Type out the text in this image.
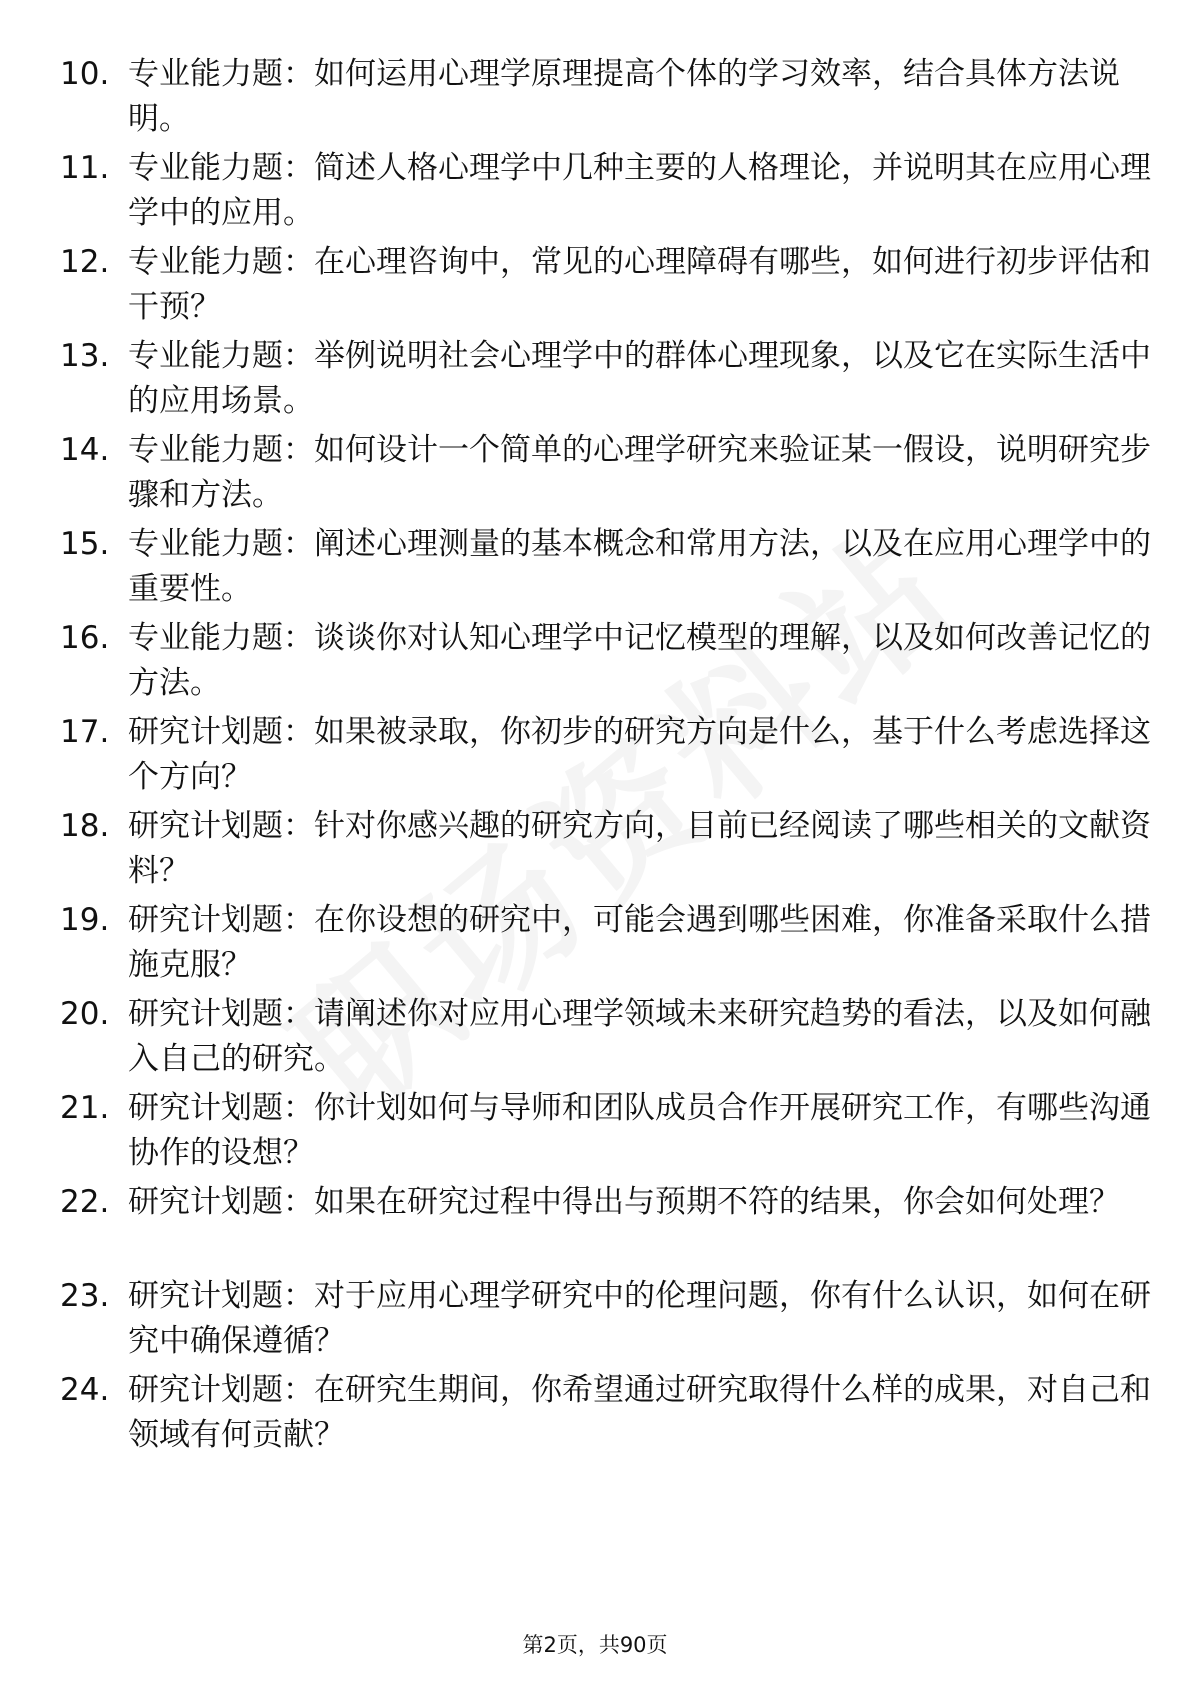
10. 专业能力题：如何运用心理学原理提高个体的学习效率，结合具体方法说明。
11. 专业能力题：简述人格心理学中几种主要的人格理论，并说明其在应用心理学中的应用。
12. 专业能力题：在心理咨询中，常见的心理障碍有哪些，如何进行初步评估和干预？
13. 专业能力题：举例说明社会心理学中的群体心理现象，以及它在实际生活中的应用场景。
14. 专业能力题：如何设计一个简单的心理学研究来验证某一假设，说明研究步骤和方法。
15. 专业能力题：阐述心理测量的基本概念和常用方法，以及在应用心理学中的重要性。
16. 专业能力题：谈谈你对认知心理学中记忆模型的理解，以及如何改善记忆的方法。
17. 研究计划题：如果被录取，你初步的研究方向是什么，基于什么考虑选择这个方向？
18. 研究计划题：针对你感兴趣的研究方向，目前已经阅读了哪些相关的文献资料？
19. 研究计划题：在你设想的研究中，可能会遇到哪些困难，你准备采取什么措施克服？
20. 研究计划题：请阐述你对应用心理学领域未来研究趋势的看法，以及如何融入自己的研究。
21. 研究计划题：你计划如何与导师和团队成员合作开展研究工作，有哪些沟通协作的设想？
22. 研究计划题：如果在研究过程中得出与预期不符的结果，你会如何处理？
23. 研究计划题：对于应用心理学研究中的伦理问题，你有什么认识，如何在研究中确保遵循？
24. 研究计划题：在研究生期间，你希望通过研究取得什么样的成果，对自己和领域有何贡献？
第2页，共90页
